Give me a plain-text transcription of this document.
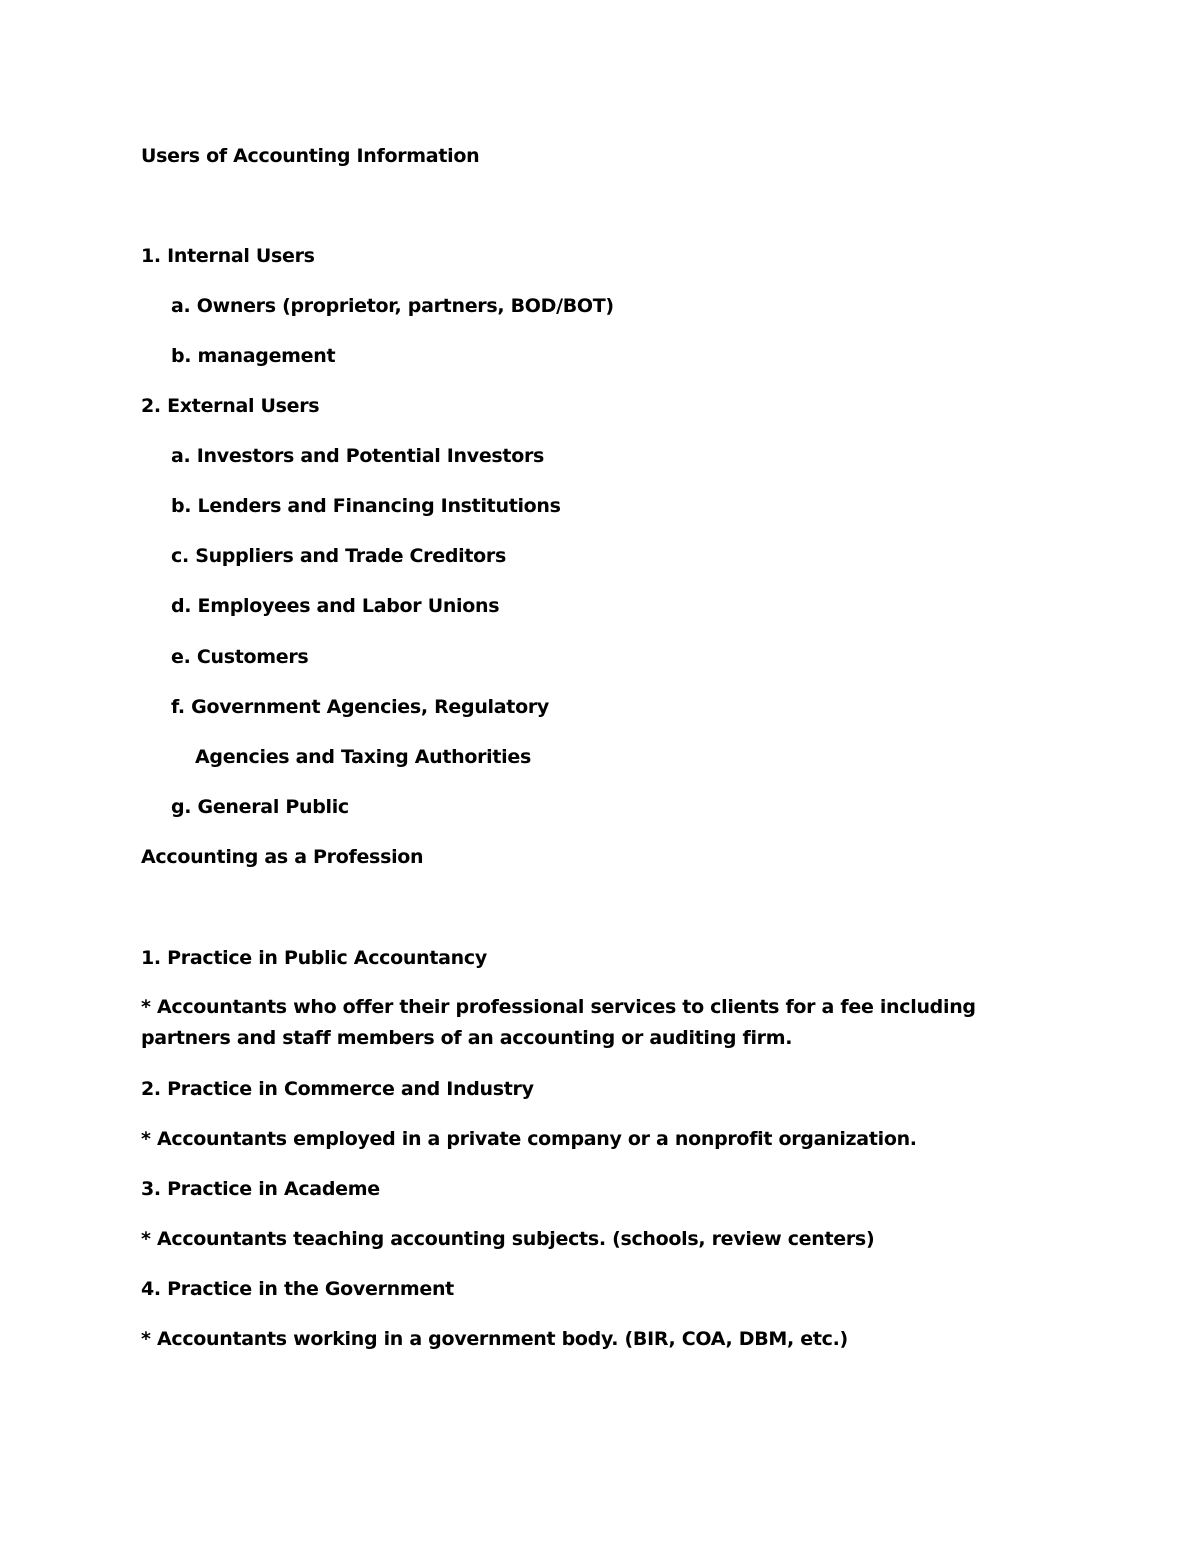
Users of Accounting Information
1. Internal Users
a. Owners (proprietor, partners, BOD/BOT)
b. management
2. External Users
a. Investors and Potential Investors
b. Lenders and Financing Institutions
c. Suppliers and Trade Creditors
d. Employees and Labor Unions
e. Customers
f. Government Agencies, Regulatory
Agencies and Taxing Authorities
g. General Public
Accounting as a Profession
1. Practice in Public Accountancy
* Accountants who offer their professional services to clients for a fee including partners and staff members of an accounting or auditing firm.
2. Practice in Commerce and Industry
* Accountants employed in a private company or a nonprofit organization.
3. Practice in Academe
* Accountants teaching accounting subjects. (schools, review centers)
4. Practice in the Government
* Accountants working in a government body. (BIR, COA, DBM, etc.)
